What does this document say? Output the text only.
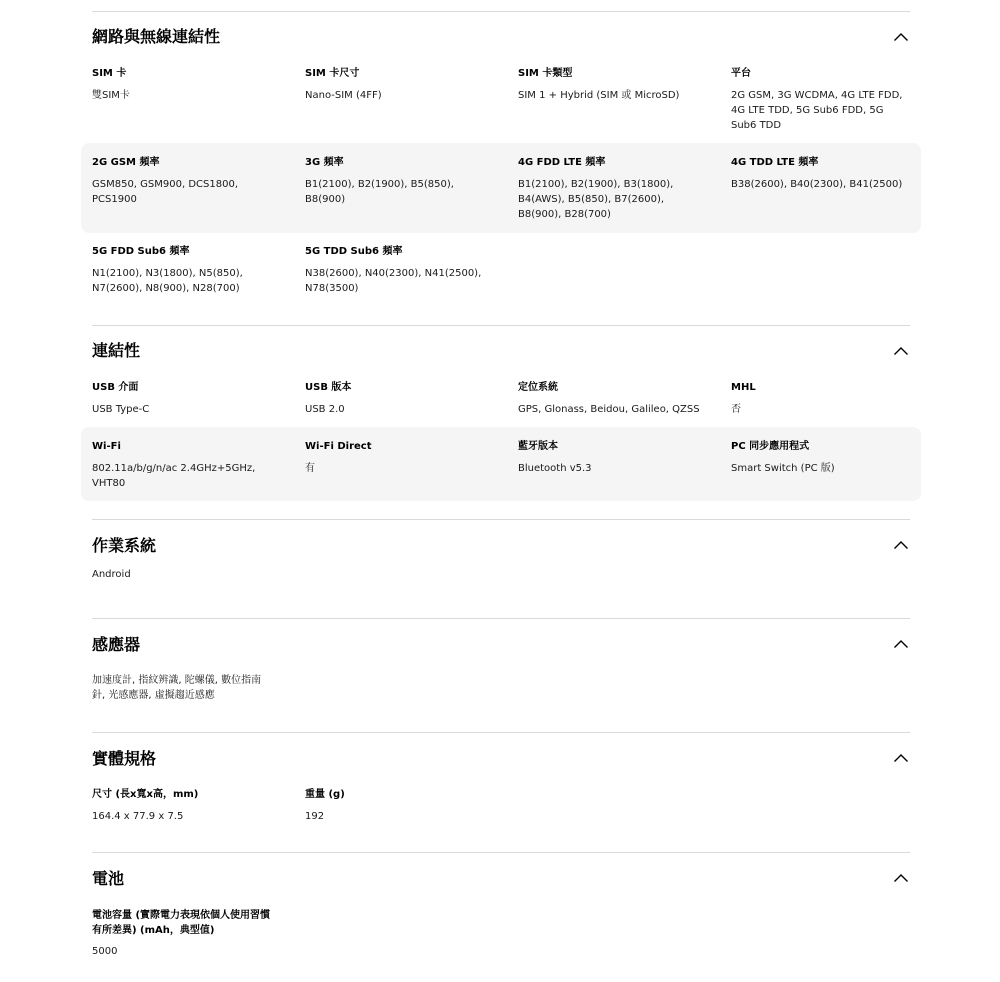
網路與無線連結性
SIM 卡
雙SIM卡
SIM 卡尺寸
Nano-SIM (4FF)
SIM 卡類型
SIM 1 + Hybrid (SIM 或 MicroSD)
平台
2G GSM, 3G WCDMA, 4G LTE FDD, 4G LTE TDD, 5G Sub6 FDD, 5G Sub6 TDD
2G GSM 頻率
GSM850, GSM900, DCS1800, PCS1900
3G 頻率
B1(2100), B2(1900), B5(850), B8(900)
4G FDD LTE 頻率
B1(2100), B2(1900), B3(1800), B4(AWS), B5(850), B7(2600), B8(900), B28(700)
4G TDD LTE 頻率
B38(2600), B40(2300), B41(2500)
5G FDD Sub6 頻率
N1(2100), N3(1800), N5(850), N7(2600), N8(900), N28(700)
5G TDD Sub6 頻率
N38(2600), N40(2300), N41(2500), N78(3500)
連結性
USB 介面
USB Type-C
USB 版本
USB 2.0
定位系統
GPS, Glonass, Beidou, Galileo, QZSS
MHL
否
Wi-Fi
802.11a/b/g/n/ac 2.4GHz+5GHz, VHT80
Wi-Fi Direct
有
藍牙版本
Bluetooth v5.3
PC 同步應用程式
Smart Switch (PC 版)
作業系統
Android
感應器
加速度計, 指紋辨識, 陀螺儀, 數位指南針, 光感應器, 虛擬趨近感應
實體規格
尺寸 (長x寬x高，mm)
164.4 x 77.9 x 7.5
重量 (g)
192
電池
電池容量 (實際電力表現依個人使用習慣有所差異) (mAh，典型值)
5000
